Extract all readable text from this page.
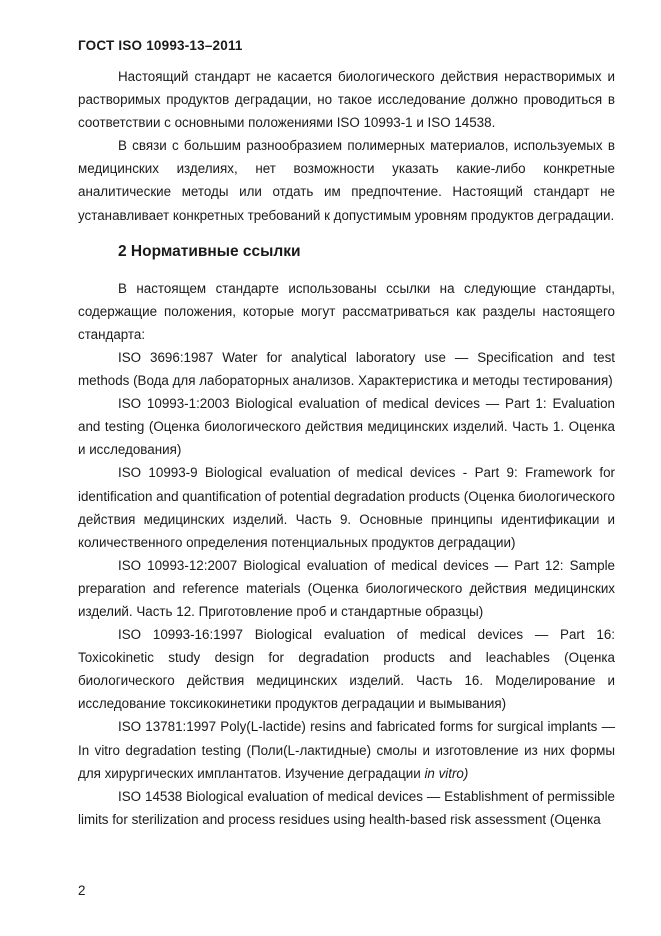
ГОСТ ISO 10993-13–2011

Настоящий стандарт не касается биологического действия нерастворимых и растворимых продуктов деградации, но такое исследование должно проводиться в соответствии с основными положениями ISO 10993-1 и ISO 14538.

В связи с большим разнообразием полимерных материалов, используемых в медицинских изделиях, нет возможности указать какие-либо конкретные аналитические методы или отдать им предпочтение. Настоящий стандарт не устанавливает конкретных требований к допустимым уровням продуктов деградации.

2 Нормативные ссылки

В настоящем стандарте использованы ссылки на следующие стандарты, содержащие положения, которые могут рассматриваться как разделы настоящего стандарта:

ISO 3696:1987 Water for analytical laboratory use — Specification and test methods (Вода для лабораторных анализов. Характеристика и методы тестирования)

ISO 10993-1:2003 Biological evaluation of medical devices — Part 1: Evaluation and testing (Оценка биологического действия медицинских изделий. Часть 1. Оценка и исследования)

ISO 10993-9 Biological evaluation of medical devices - Part 9: Framework for identification and quantification of potential degradation products (Оценка биологического действия медицинских изделий. Часть 9. Основные принципы идентификации и количественного определения потенциальных продуктов деградации)

ISO 10993-12:2007 Biological evaluation of medical devices — Part 12: Sample preparation and reference materials (Оценка биологического действия медицинских изделий. Часть 12. Приготовление проб и стандартные образцы)

ISO 10993-16:1997 Biological evaluation of medical devices — Part 16: Toxicokinetic study design for degradation products and leachables (Оценка биологического действия медицинских изделий. Часть 16. Моделирование и исследование токсикокинетики продуктов деградации и вымывания)

ISO 13781:1997 Poly(L-lactide) resins and fabricated forms for surgical implants — In vitro degradation testing (Поли(L-лактидные) смолы и изготовление из них формы для хирургических имплантатов. Изучение деградации in vitro)

ISO 14538 Biological evaluation of medical devices — Establishment of permissible limits for sterilization and process residues using health-based risk assessment (Оценка

2
